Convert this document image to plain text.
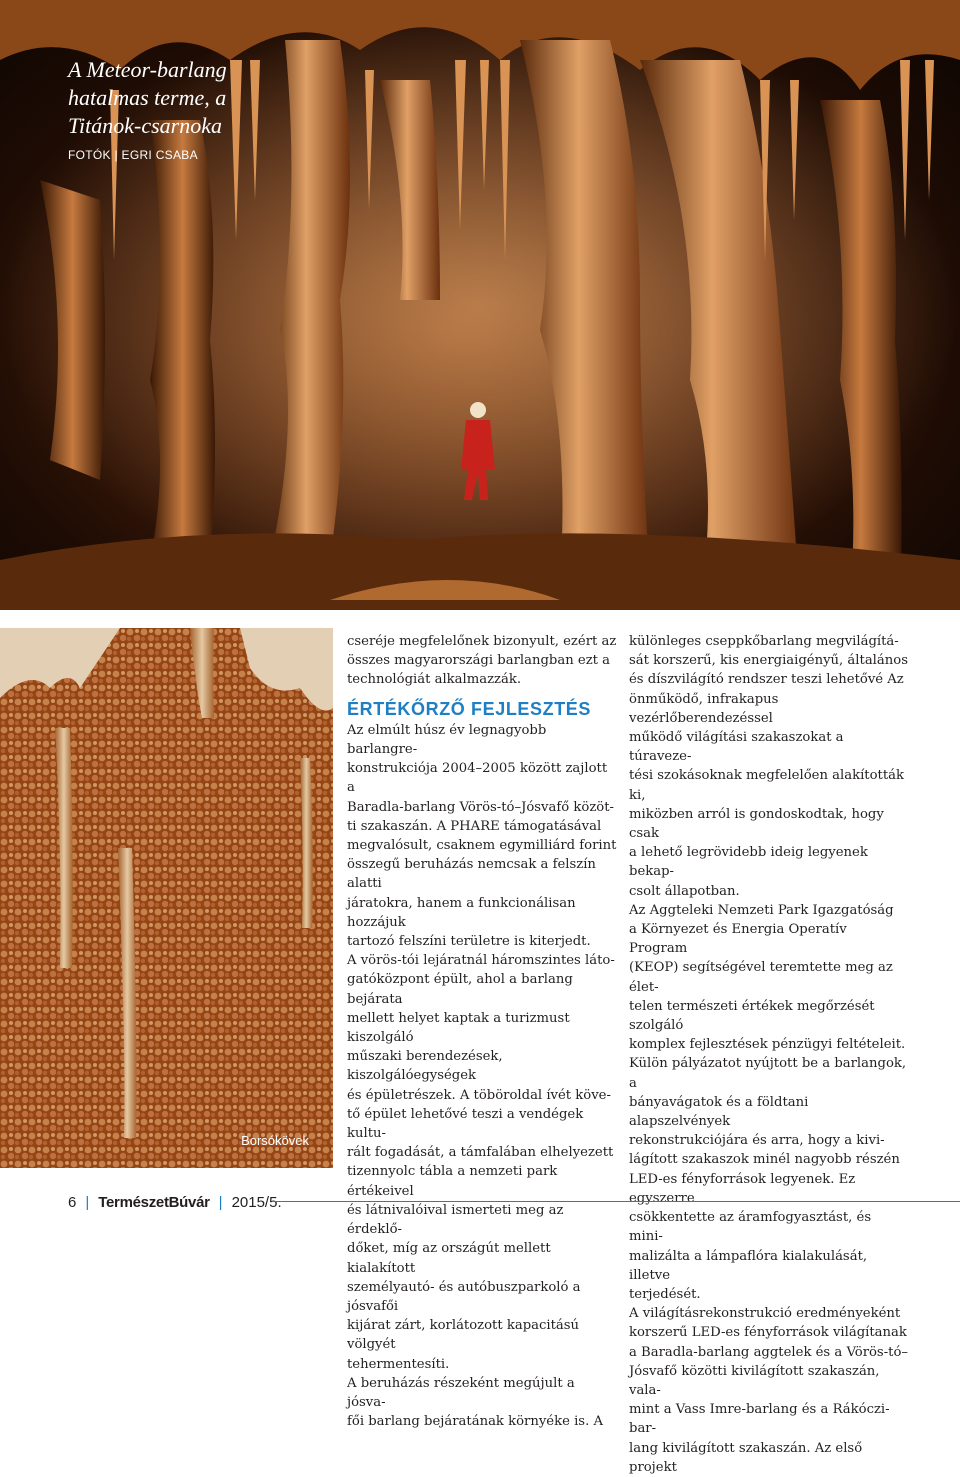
A Meteor-barlang
hatalmas terme, a
Titánok-csarnoka

FOTÓK | EGRI CSABA
Borsókövek

cseréje megfelelőnek bizonyult, ezért az
összes magyarországi barlangban ezt a
technológiát alkalmazzák.

ÉRTÉKŐRZŐ FEJLESZTÉS

Az elmúlt húsz év legnagyobb barlangre-
konstrukciója 2004–2005 között zajlott a
Baradla-barlang Vörös-tó–Jósvafő közöt-
ti szakaszán. A PHARE támogatásával
megvalósult, csaknem egymilliárd forint
összegű beruházás nemcsak a felszín alatti
járatokra, hanem a funkcionálisan hozzájuk
tartozó felszíni területre is kiterjedt.
A vörös-tói lejáratnál háromszintes láto-
gatóközpont épült, ahol a barlang bejárata
mellett helyet kaptak a turizmust kiszolgáló
műszaki berendezések, kiszolgálóegységek
és épületrészek. A töböroldal ívét köve-
tő épület lehetővé teszi a vendégek kultu-
rált fogadását, a támfalában elhelyezett
tizennyolc tábla a nemzeti park értékeivel
és látnivalóival ismerteti meg az érdeklő-
dőket, míg az országút mellett kialakított
személyautó- és autóbuszparkoló a jósvafői
kijárat zárt, korlátozott kapacitású völgyét
tehermentesíti.
A beruházás részeként megújult a jósva-
fői barlang bejáratának környéke is. A

különleges cseppkőbarlang megvilágítá-
sát korszerű, kis energiaigényű, általános
és díszvilágító rendszer teszi lehetővé Az
önműködő, infrakapus vezérlőberendezéssel
működő világítási szakaszokat a túraveze-
tési szokásoknak megfelelően alakították ki,
miközben arról is gondoskodtak, hogy csak
a lehető legrövidebb ideig legyenek bekap-
csolt állapotban.
Az Aggteleki Nemzeti Park Igazgatóság
a Környezet és Energia Operatív Program
(KEOP) segítségével teremtette meg az élet-
telen természeti értékek megőrzését szolgáló
komplex fejlesztések pénzügyi feltételeit.
Külön pályázatot nyújtott be a barlangok, a
bányavágatok és a földtani alapszelvények
rekonstrukciójára és arra, hogy a kivi-
lágított szakaszok minél nagyobb részén
LED-es fényforrások legyenek. Ez egyszerre
csökkentette az áramfogyasztást, és mini-
malizálta a lámpaflóra kialakulását, illetve
terjedését.
A világításrekonstrukció eredményeként
korszerű LED-es fényforrások világítanak
a Baradla-barlang aggtelek és a Vörös-tó–
Jósvafő közötti kivilágított szakaszán, vala-
mint a Vass Imre-barlang és a Rákóczi-bar-
lang kivilágított szakaszán. Az első projekt

6 | TermészetBúvár | 2015/5.
